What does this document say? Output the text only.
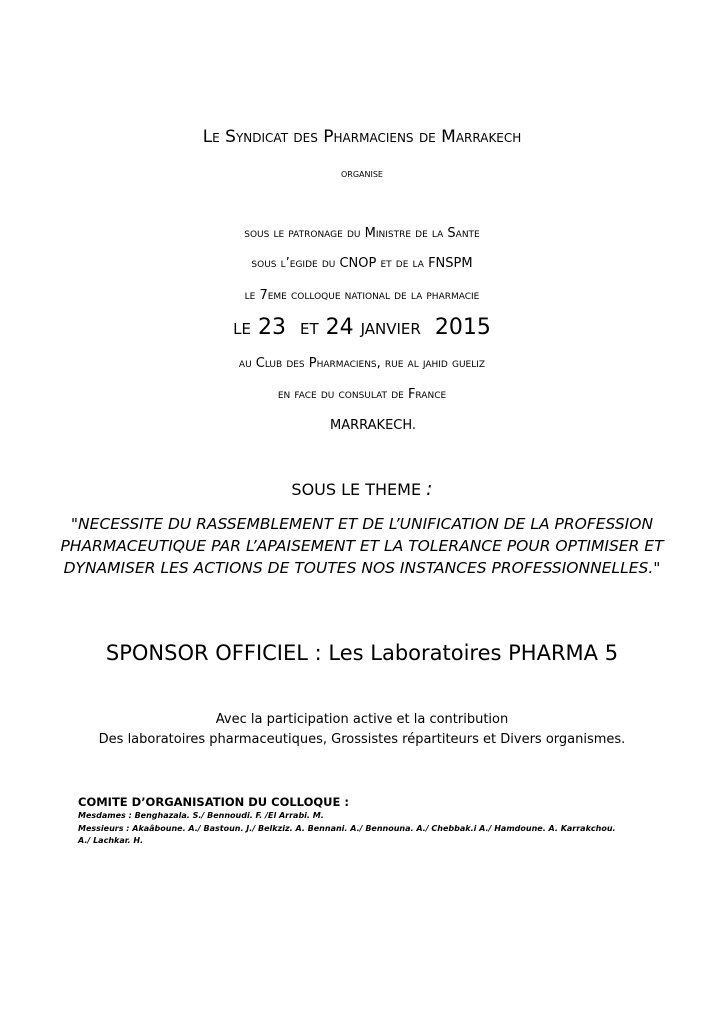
Le Syndicat des Pharmaciens de Marrakech
organise
sous le patronage du Ministre de la Sante
sous l’egide du CNOP et de la FNSPM
le 7eme colloque national de la pharmacie
le 23  et 24 janvier  2015
au Club des Pharmaciens, rue al jahid gueliz
en face du consulat de France
MARRAKECH.
SOUS LE THEME :
"NECESSITE DU RASSEMBLEMENT ET DE L’UNIFICATION DE LA PROFESSION PHARMACEUTIQUE PAR L’APAISEMENT ET LA TOLERANCE POUR OPTIMISER ET DYNAMISER LES ACTIONS DE TOUTES NOS INSTANCES PROFESSIONNELLES."
SPONSOR OFFICIEL : Les Laboratoires PHARMA 5
Avec la participation active et la contribution
Des laboratoires pharmaceutiques, Grossistes répartiteurs et Divers organismes.
COMITE D’ORGANISATION DU COLLOQUE :
Mesdames : Benghazala. S./ Bennoudi. F. /El Arrabi. M.
Messieurs : Akaâboune. A./ Bastoun. J./ Belkziz. A. Bennani. A./ Bennouna. A./ Chebbak.i A./ Hamdoune. A. Karrakchou. A./ Lachkar. H.
